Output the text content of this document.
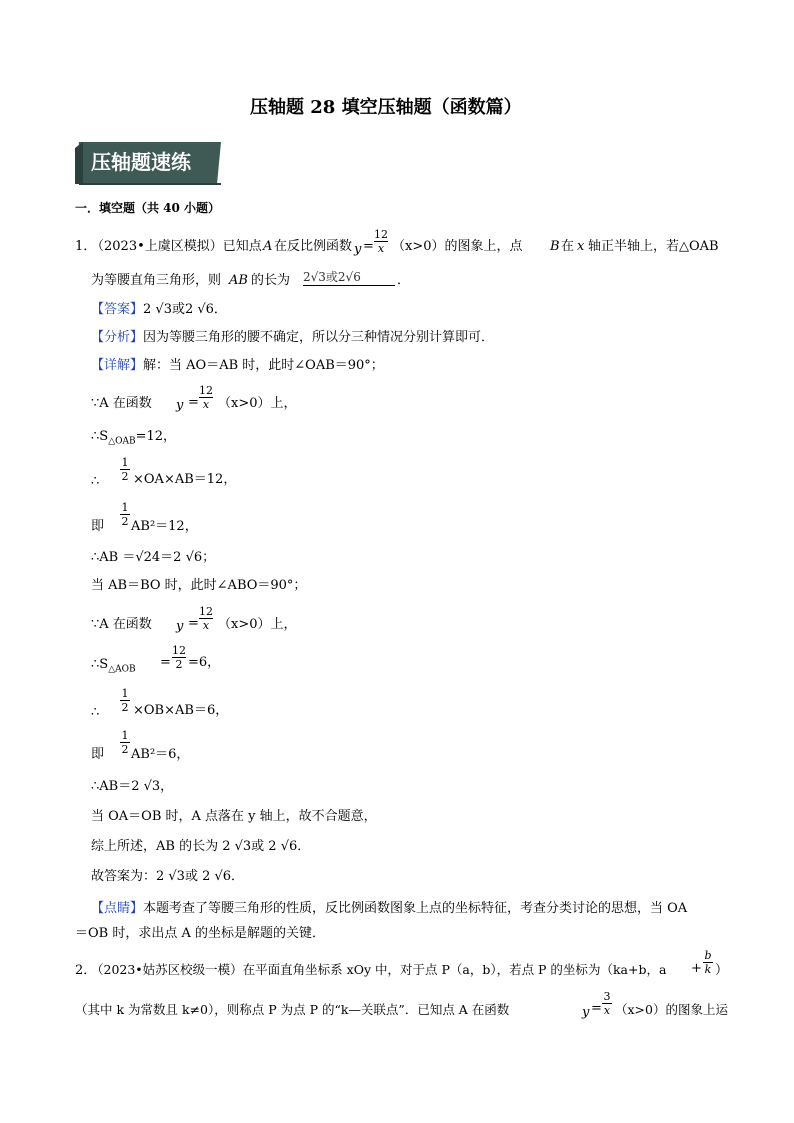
压轴题 28 填空压轴题（函数篇）
压轴题速练
一．填空题（共 40 小题）
1．
（2023•上虞区模拟）已知点 A 在反比例函数 y =
12
x （x>0）的图象上，点 B 在 x 轴正半轴上，若△OAB
为等腰直角三角形，则 AB 的长为 2√3或2√6	．
【答案】2 √3或2 √6．
【分析】因为等腰三角形的腰不确定，所以分三种情况分别计算即可．
【详解】解：当 AO＝AB 时，此时∠OAB＝90°；
∵A 在函数 y =
12
x （x>0）上，
$\therefore S_{\triangle OAB}=12$，
∴
1
2 ×OA×AB＝12，
即
1
2 AB²＝12，
∴AB ＝√24＝2 √6；
当 AB＝BO 时，此时∠ABO＝90°；
∵A 在函数 y =
12
x （x>0）上，
$\therefore S_{\triangle AOB}$ =
12
2 =6，
∴
1
2 ×OB×AB＝6，
即
1
2 AB²＝6，
∴AB＝2 √3，
当 OA＝OB 时，A 点落在 y 轴上，故不合题意，
综上所述，AB 的长为 2 √3或 2 √6．
故答案为：2 √3或 2 √6．
【点睛】本题考查了等腰三角形的性质，反比例函数图象上点的坐标特征，考查分类讨论的思想，当 OA
＝OB 时，求出点 A 的坐标是解题的关键．
2．
（2023•姑苏区校级一模）在平面直角坐标系 xOy 中，对于点 P（a，b），若点 P 的坐标为（ka+b，a +
b
k ）
（其中 k 为常数且 k≠0），则称点 P 为点 P 的“k—关联点”．已知点 A 在函数	y =
3
x （x>0）的图象上运
